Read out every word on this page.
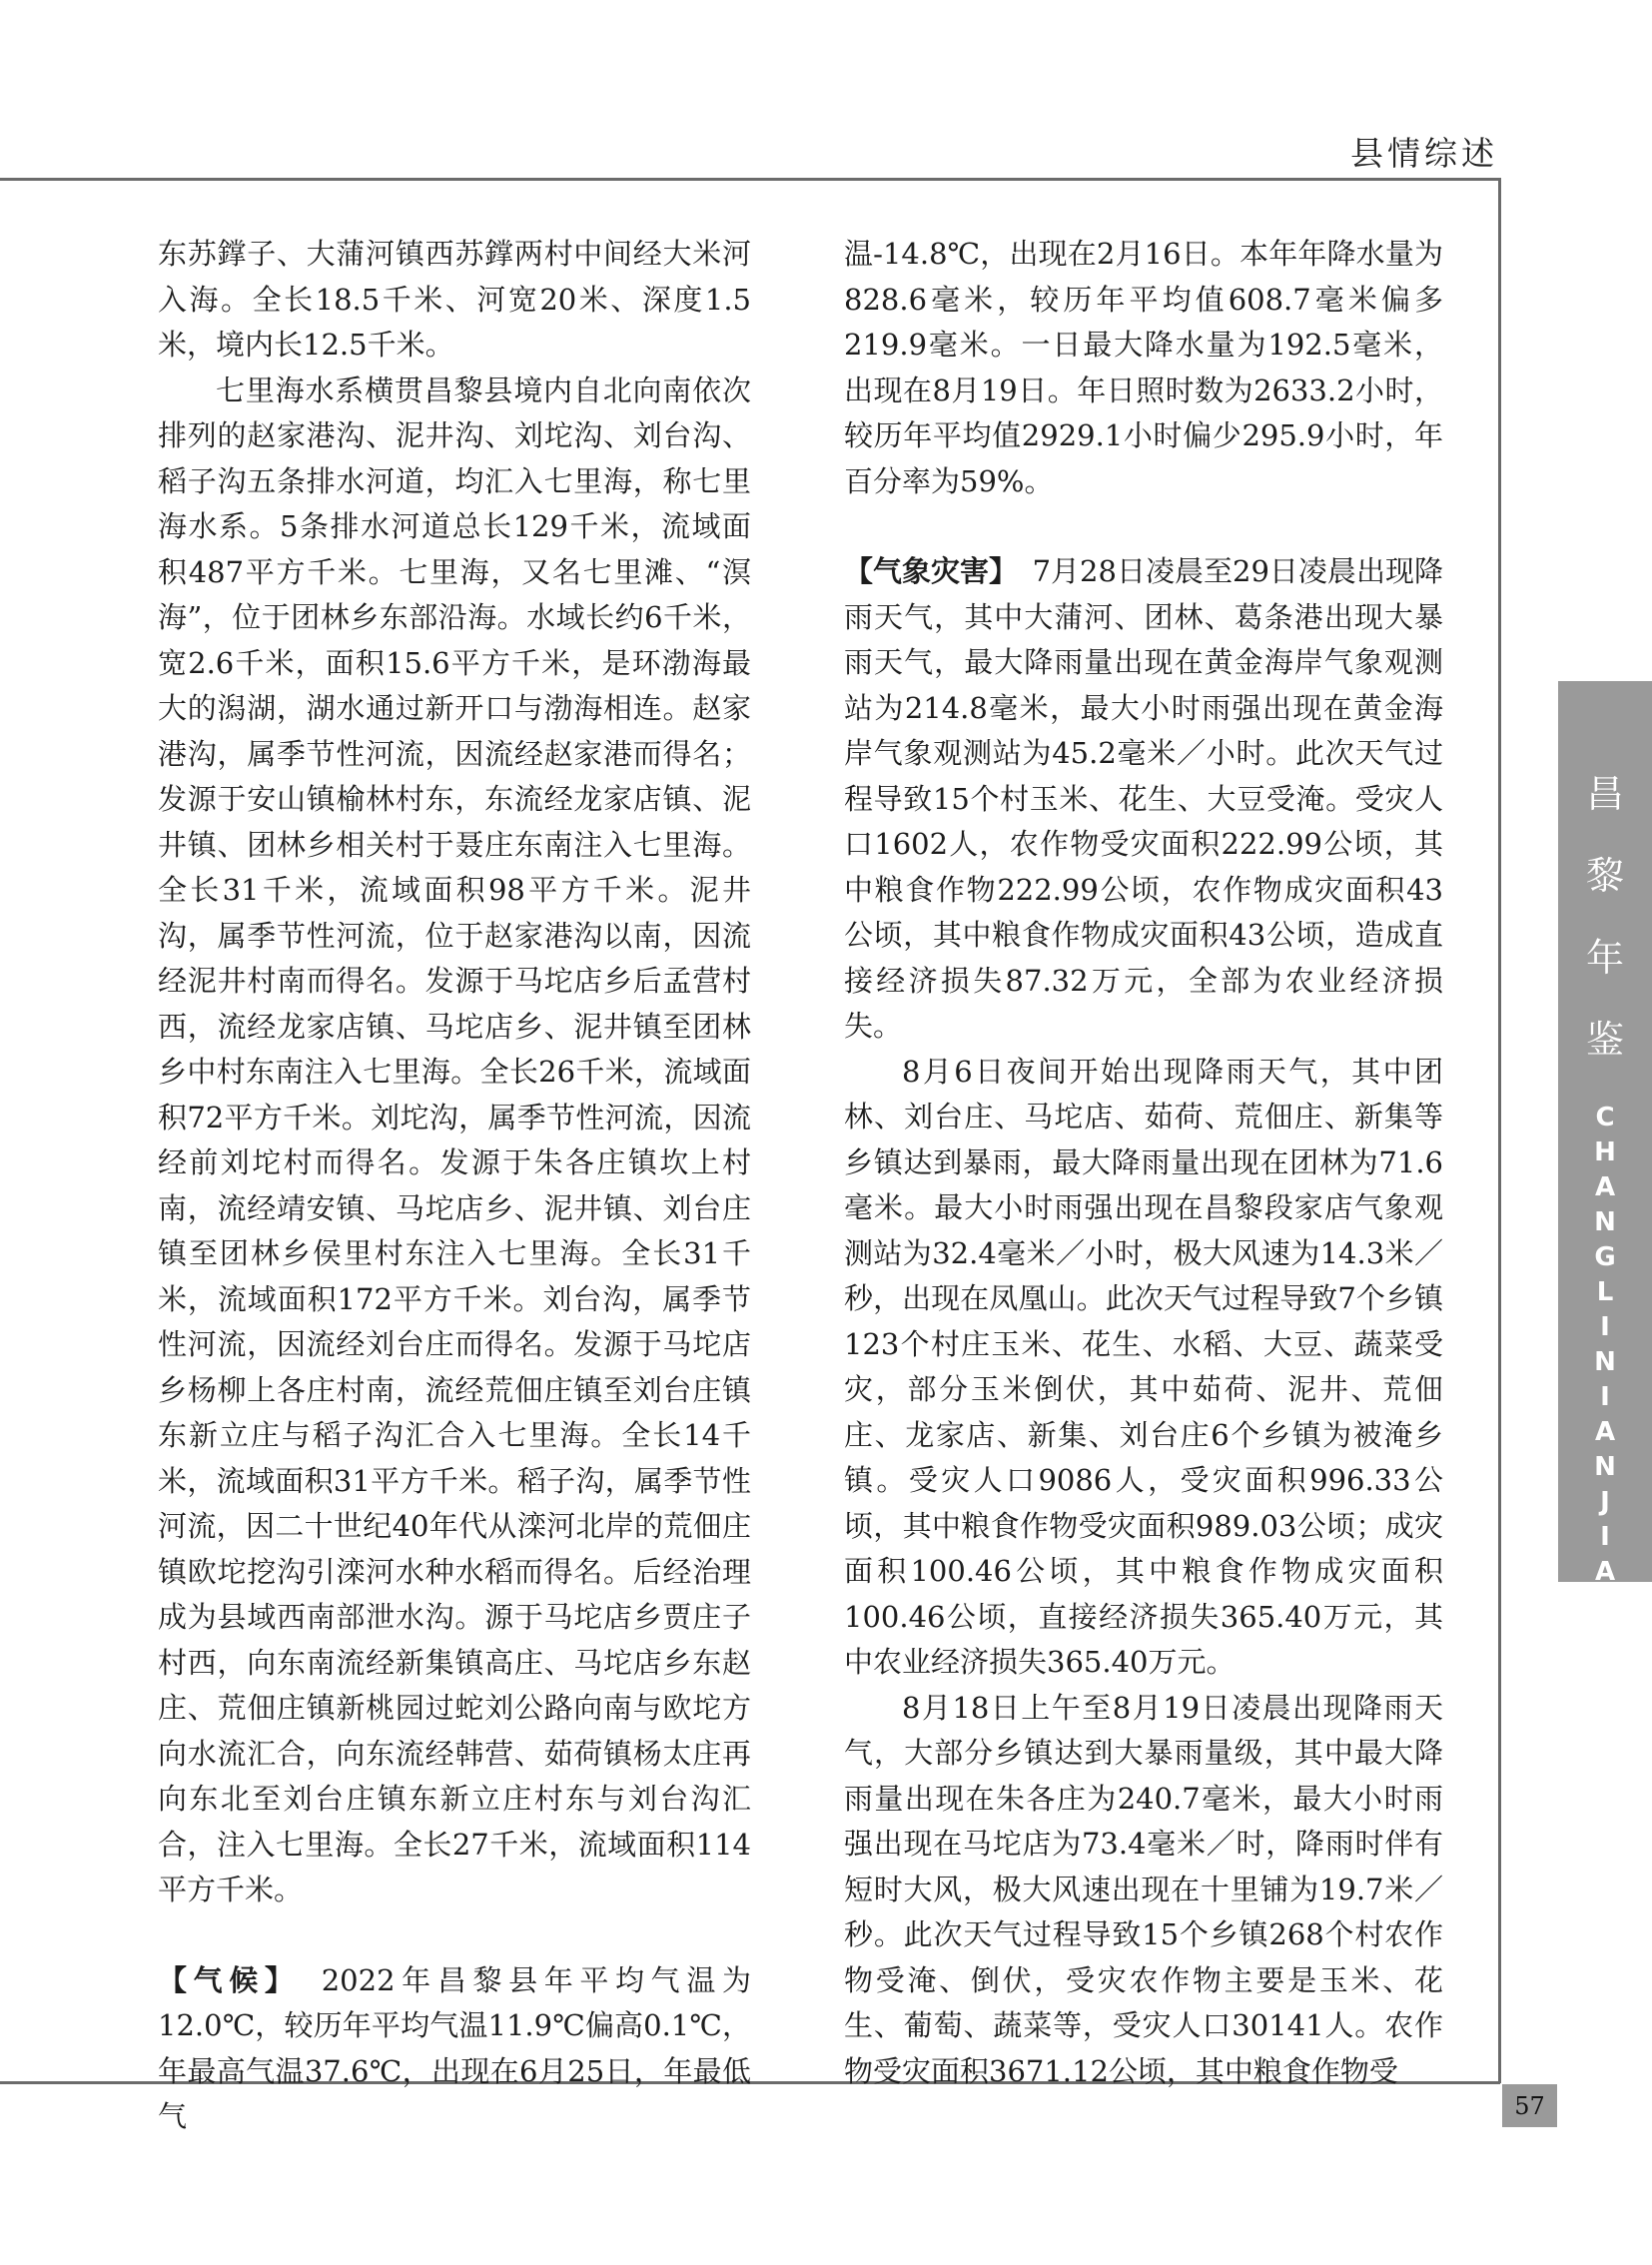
县情综述
昌
黎
年
鉴
C
H
A
N
G
L
I
N
I
A
N
J
I
A
N
57

东苏鐣子、大蒲河镇西苏鐣两村中间经大米河入海。全长18.5千米、河宽20米、深度1.5米，境内长12.5千米。

七里海水系横贯昌黎县境内自北向南依次排列的赵家港沟、泥井沟、刘坨沟、刘台沟、稻子沟五条排水河道，均汇入七里海，称七里海水系。5条排水河道总长129千米，流域面积487平方千米。七里海，又名七里滩、“溟海”，位于团林乡东部沿海。水域长约6千米，宽2.6千米，面积15.6平方千米，是环渤海最大的潟湖，湖水通过新开口与渤海相连。赵家港沟，属季节性河流，因流经赵家港而得名；发源于安山镇榆林村东，东流经龙家店镇、泥井镇、团林乡相关村于聂庄东南注入七里海。全长31千米，流域面积98平方千米。泥井沟，属季节性河流，位于赵家港沟以南，因流经泥井村南而得名。发源于马坨店乡后孟营村西，流经龙家店镇、马坨店乡、泥井镇至团林乡中村东南注入七里海。全长26千米，流域面积72平方千米。刘坨沟，属季节性河流，因流经前刘坨村而得名。发源于朱各庄镇坎上村南，流经靖安镇、马坨店乡、泥井镇、刘台庄镇至团林乡侯里村东注入七里海。全长31千米，流域面积172平方千米。刘台沟，属季节性河流，因流经刘台庄而得名。发源于马坨店乡杨柳上各庄村南，流经荒佃庄镇至刘台庄镇东新立庄与稻子沟汇合入七里海。全长14千米，流域面积31平方千米。稻子沟，属季节性河流，因二十世纪40年代从滦河北岸的荒佃庄镇欧坨挖沟引滦河水种水稻而得名。后经治理成为县域西南部泄水沟。源于马坨店乡贾庄子村西，向东南流经新集镇高庄、马坨店乡东赵庄、荒佃庄镇新桃园过蛇刘公路向南与欧坨方向水流汇合，向东流经韩营、茹荷镇杨太庄再向东北至刘台庄镇东新立庄村东与刘台沟汇合，注入七里海。全长27千米，流域面积114平方千米。

【气候】　 2022年昌黎县年平均气温为12.0℃，较历年平均气温11.9℃偏高0.1℃，年最高气温37.6℃，出现在6月25日，年最低气

温-14.8℃，出现在2月16日。本年年降水量为828.6毫米，较历年平均值608.7毫米偏多219.9毫米。一日最大降水量为192.5毫米，出现在8月19日。年日照时数为2633.2小时，较历年平均值2929.1小时偏少295.9小时，年百分率为59%。

【气象灾害】　 7月28日凌晨至29日凌晨出现降雨天气，其中大蒲河、团林、葛条港出现大暴雨天气，最大降雨量出现在黄金海岸气象观测站为214.8毫米，最大小时雨强出现在黄金海岸气象观测站为45.2毫米／小时。此次天气过程导致15个村玉米、花生、大豆受淹。受灾人口1602人，农作物受灾面积222.99公顷，其中粮食作物222.99公顷，农作物成灾面积43公顷，其中粮食作物成灾面积43公顷，造成直接经济损失87.32万元，全部为农业经济损失。

8月6日夜间开始出现降雨天气，其中团林、刘台庄、马坨店、茹荷、荒佃庄、新集等乡镇达到暴雨，最大降雨量出现在团林为71.6毫米。最大小时雨强出现在昌黎段家店气象观测站为32.4毫米／小时，极大风速为14.3米／秒，出现在凤凰山。此次天气过程导致7个乡镇123个村庄玉米、花生、水稻、大豆、蔬菜受灾，部分玉米倒伏，其中茹荷、泥井、荒佃庄、龙家店、新集、刘台庄6个乡镇为被淹乡镇。受灾人口9086人，受灾面积996.33公顷，其中粮食作物受灾面积989.03公顷；成灾面积100.46公顷，其中粮食作物成灾面积100.46公顷，直接经济损失365.40万元，其中农业经济损失365.40万元。

8月18日上午至8月19日凌晨出现降雨天气，大部分乡镇达到大暴雨量级，其中最大降雨量出现在朱各庄为240.7毫米，最大小时雨强出现在马坨店为73.4毫米／时，降雨时伴有短时大风，极大风速出现在十里铺为19.7米／秒。此次天气过程导致15个乡镇268个村农作物受淹、倒伏，受灾农作物主要是玉米、花生、葡萄、蔬菜等，受灾人口30141人。农作物受灾面积3671.12公顷，其中粮食作物受
